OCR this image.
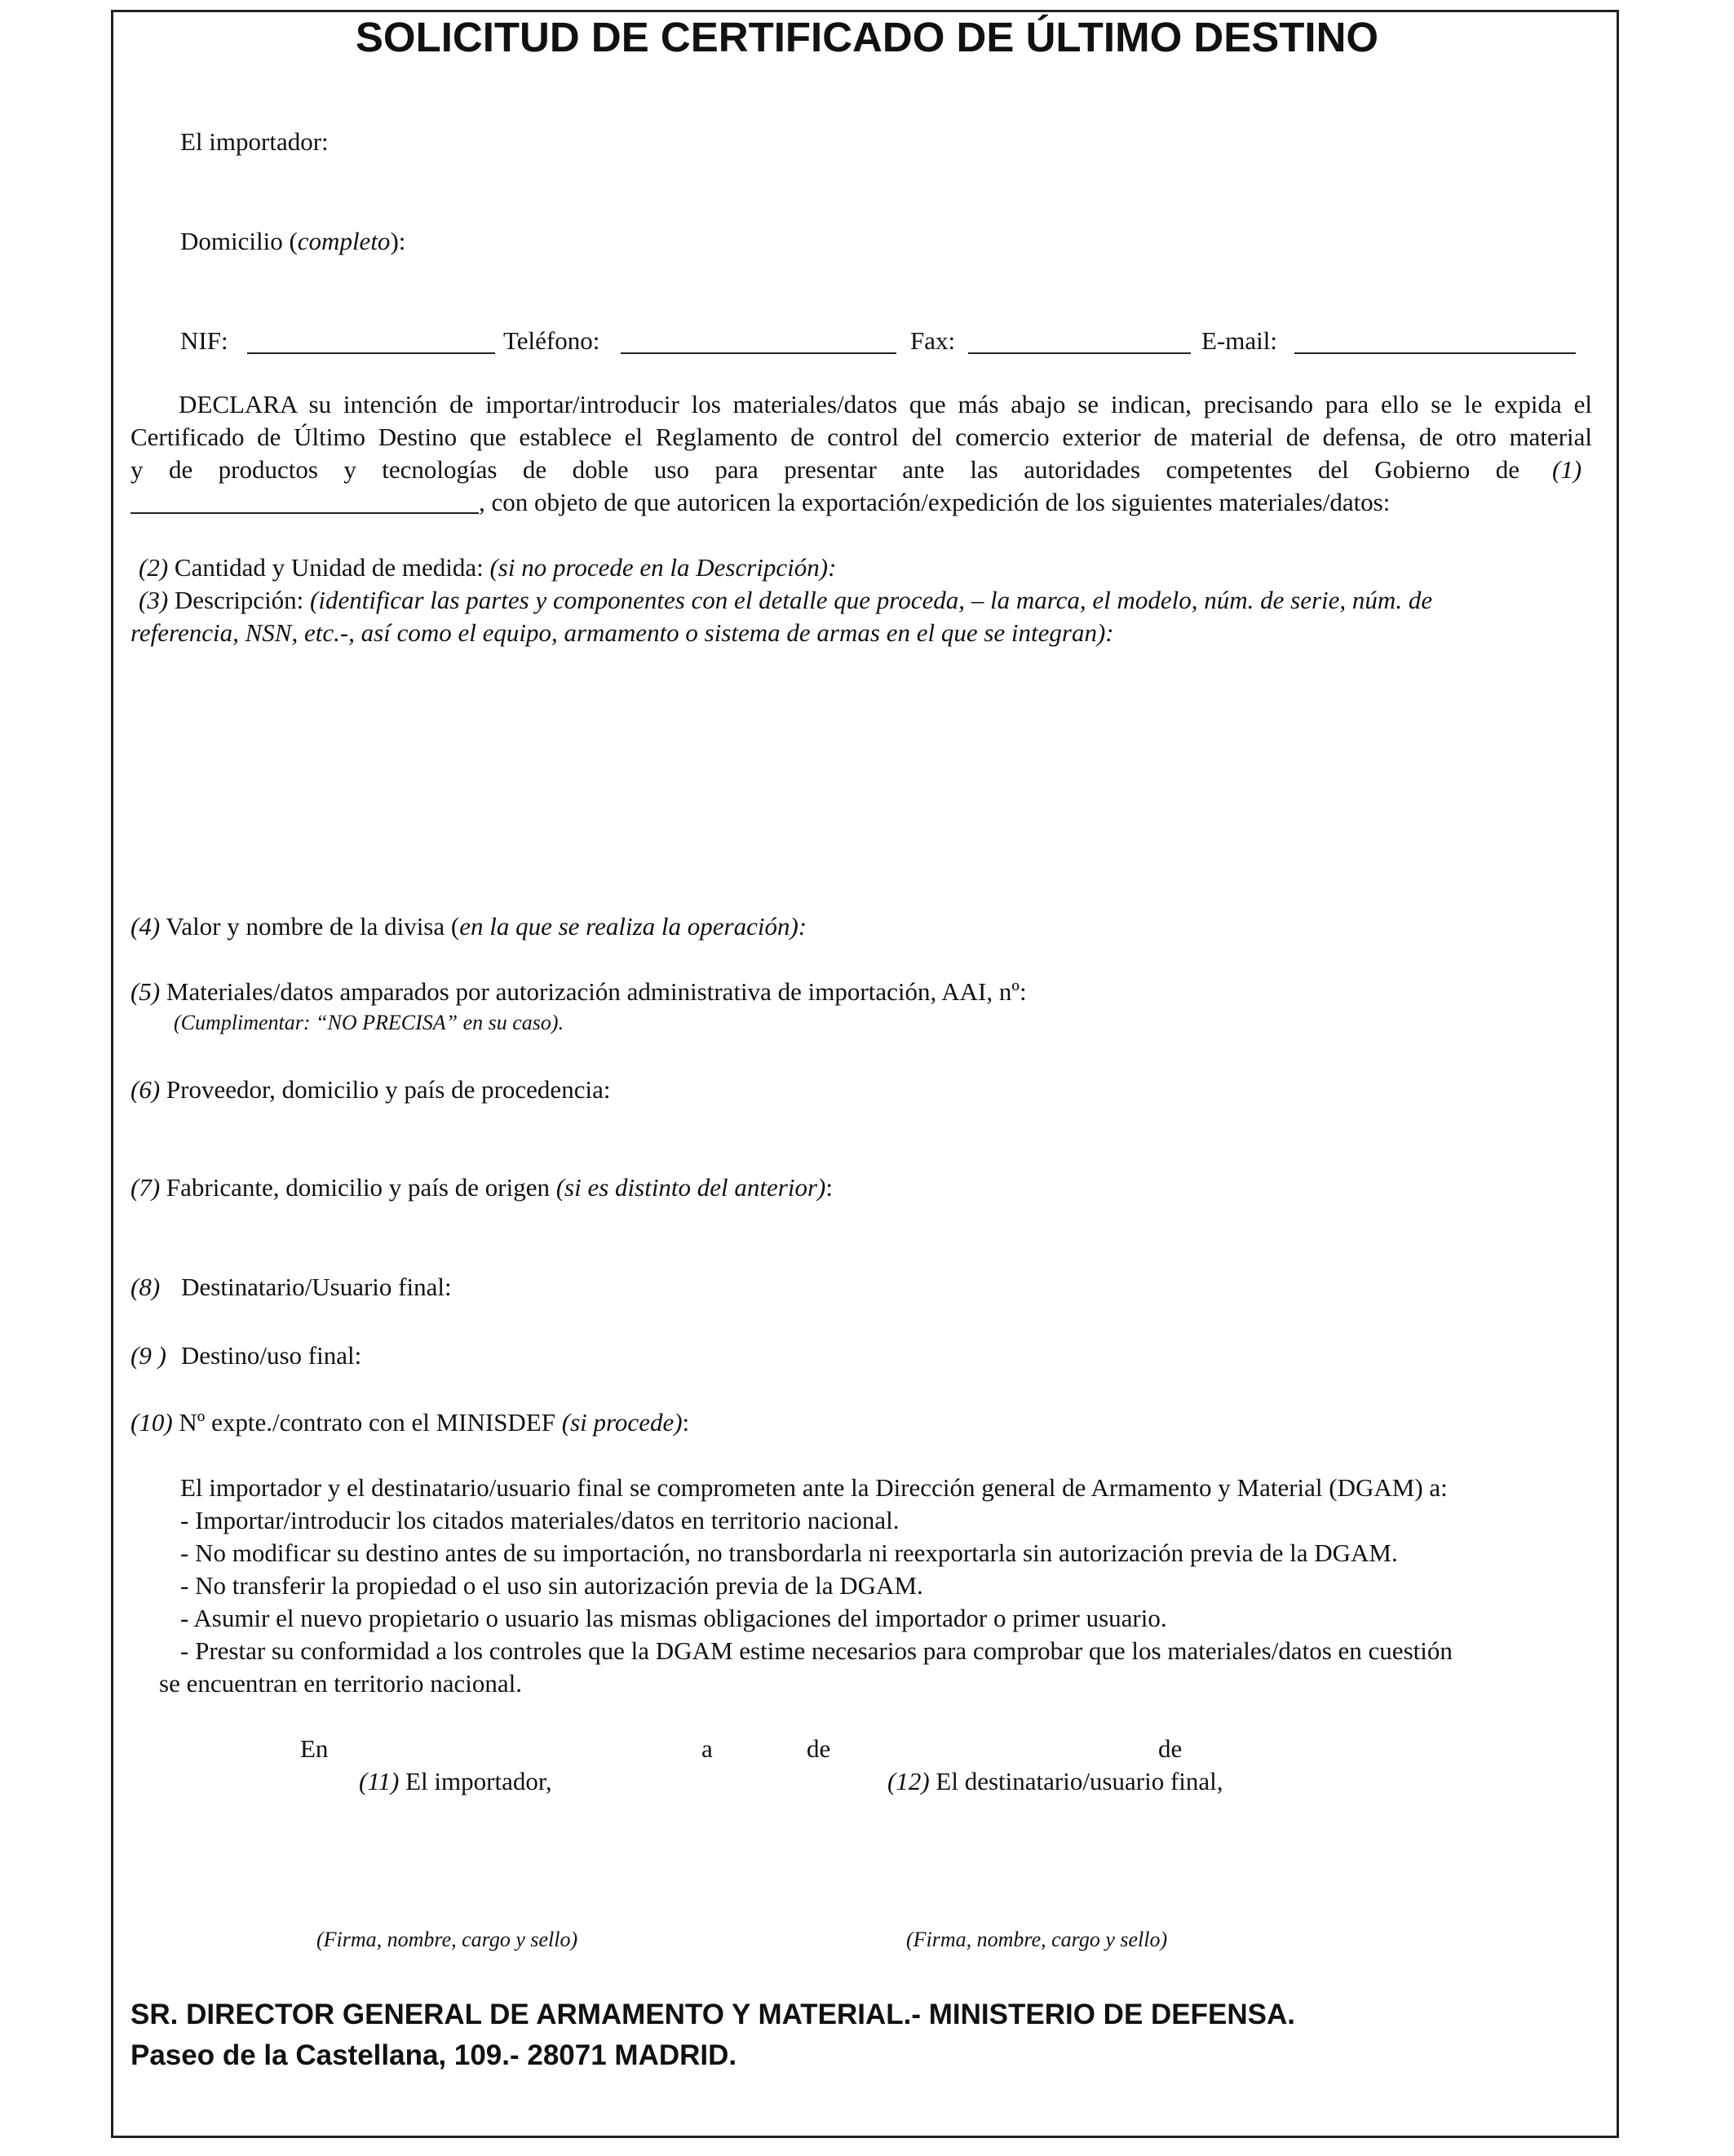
SOLICITUD DE CERTIFICADO DE ÚLTIMO DESTINO
El importador:
Domicilio (completo):
NIF:	Teléfono:	Fax:	E-mail:
DECLARA su intención de importar/introducir los materiales/datos que más abajo se indican, precisando para ello se le expida el
Certificado de Último Destino que establece el Reglamento de control del comercio exterior de material de defensa, de otro material
y de productos y tecnologías de doble uso para presentar ante las autoridades competentes del Gobierno de (1)
, con objeto de que autoricen la exportación/expedición de los siguientes materiales/datos:
(2) Cantidad y Unidad de medida: (si no procede en la Descripción):
(3) Descripción: (identificar las partes y componentes con el detalle que proceda, – la marca, el modelo, núm. de serie, núm. de
referencia, NSN, etc.-, así como el equipo, armamento o sistema de armas en el que se integran):
(4) Valor y nombre de la divisa (en la que se realiza la operación):
(5) Materiales/datos amparados por autorización administrativa de importación, AAI, nº:
(Cumplimentar: “NO PRECISA” en su caso).
(6) Proveedor, domicilio y país de procedencia:
(7) Fabricante, domicilio y país de origen (si es distinto del anterior):
(8) Destinatario/Usuario final:
(9 ) Destino/uso final:
(10) Nº expte./contrato con el MINISDEF (si procede):
El importador y el destinatario/usuario final se comprometen ante la Dirección general de Armamento y Material (DGAM) a:
- Importar/introducir los citados materiales/datos en territorio nacional.
- No modificar su destino antes de su importación, no transbordarla ni reexportarla sin autorización previa de la DGAM.
- No transferir la propiedad o el uso sin autorización previa de la DGAM.
- Asumir el nuevo propietario o usuario las mismas obligaciones del importador o primer usuario.
- Prestar su conformidad a los controles que la DGAM estime necesarios para comprobar que los materiales/datos en cuestión
se encuentran en territorio nacional.
En	a	de	de
(11) El importador,	(12) El destinatario/usuario final,
(Firma, nombre, cargo y sello)	(Firma, nombre, cargo y sello)
SR. DIRECTOR GENERAL DE ARMAMENTO Y MATERIAL.- MINISTERIO DE DEFENSA.
Paseo de la Castellana, 109.- 28071 MADRID.
